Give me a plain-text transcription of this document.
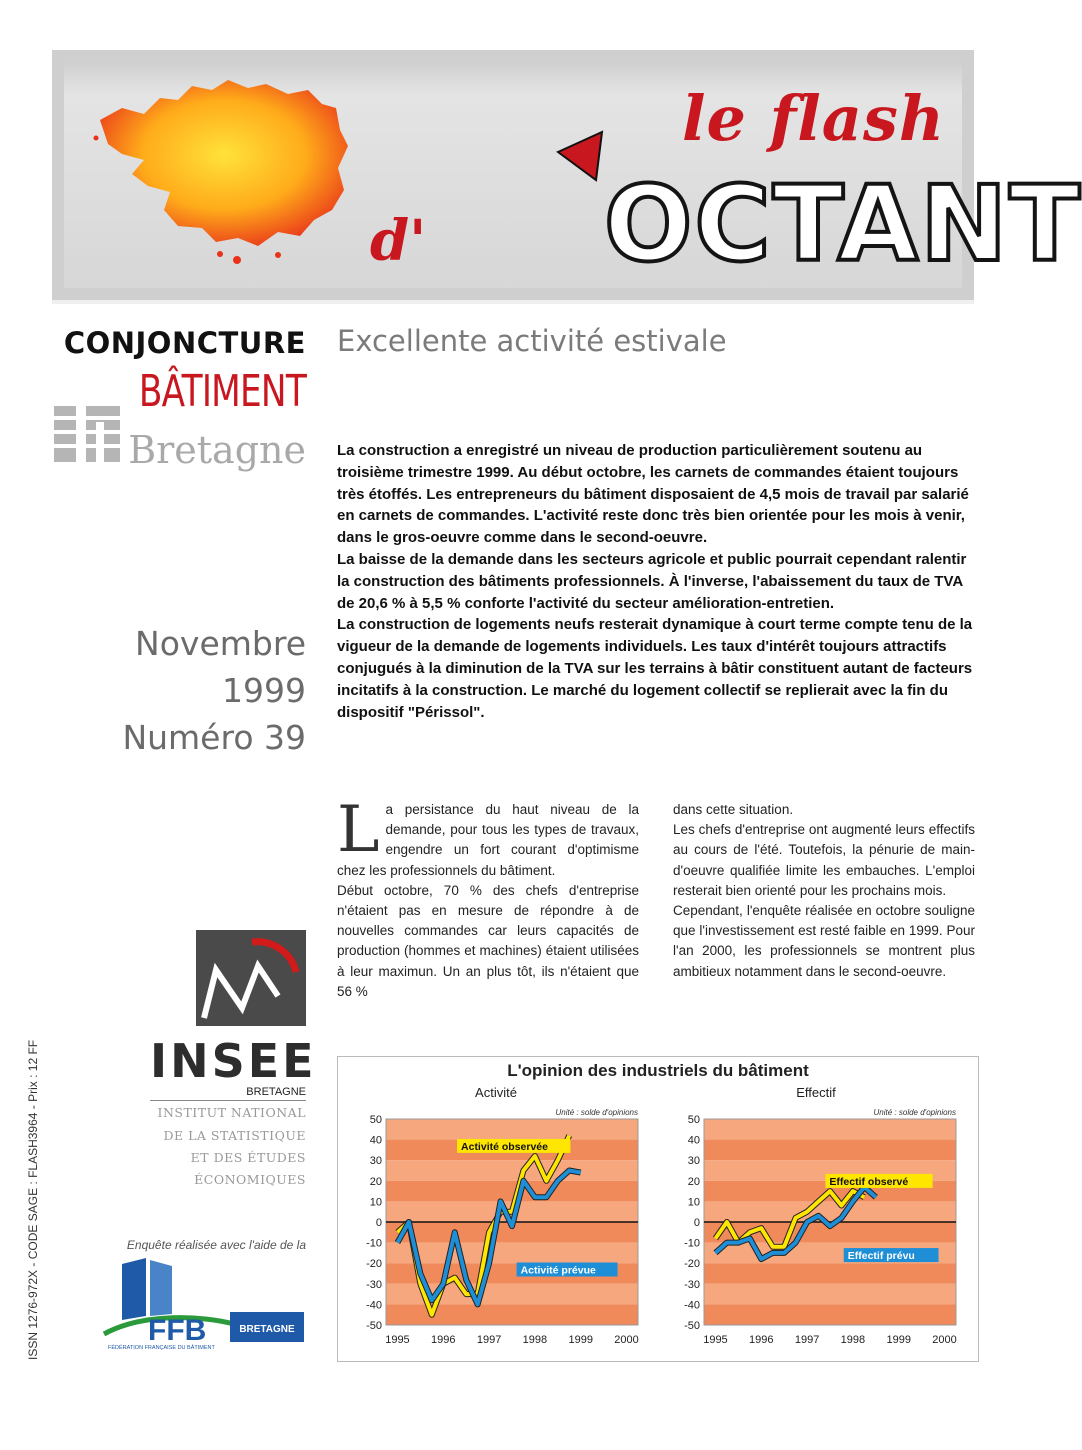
le flash
d' OCTANT
CONJONCTURE
BÂTIMENT
Bretagne
Novembre
1999
Numéro 39
ISSN 1276-972X - CODE SAGE : FLASH3964 - Prix : 12 FF INSEE
BRETAGNE
INSTITUT NATIONAL
DE LA STATISTIQUE
ET DES ÉTUDES
ÉCONOMIQUES
Enquête réalisée avec l'aide de la
FFB	BRETAGNE
FÉDÉRATION FRANÇAISE DU BÂTIMENT
Excellente activité estivale

La construction a enregistré un niveau de production particulièrement soutenu au troisième trimestre 1999. Au début octobre, les carnets de commandes étaient toujours très étoffés. Les entrepreneurs du bâtiment disposaient de 4,5 mois de travail par salarié en carnets de commandes. L'activité reste donc très bien orientée pour les mois à venir, dans le gros-oeuvre comme dans le second-oeuvre.

La baisse de la demande dans les secteurs agricole et public pourrait cependant ralentir la construction des bâtiments professionnels. À l'inverse, l'abaissement du taux de TVA de 20,6 % à 5,5 % conforte l'activité du secteur amélioration-entretien.

La construction de logements neufs resterait dynamique à court terme compte tenu de la vigueur de la demande de logements individuels. Les taux d'intérêt toujours attractifs conjugués à la diminution de la TVA sur les terrains à bâtir constituent autant de facteurs incitatifs à la construction. Le marché du logement collectif se replierait avec la fin du dispositif "Périssol".

La persistance du haut niveau de la demande, pour tous les types de travaux, engendre un fort courant d'optimisme chez les professionnels du bâtiment.

Début octobre, 70 % des chefs d'entreprise n'étaient pas en mesure de répondre à de nouvelles commandes car leurs capacités de production (hommes et machines) étaient utilisées à leur maximun. Un an plus tôt, ils n'étaient que 56 %

dans cette situation.

Les chefs d'entreprise ont augmenté leurs effectifs au cours de l'été. Toutefois, la pénurie de main-d'oeuvre qualifiée limite les embauches. L'emploi resterait bien orienté pour les prochains mois.

Cependant, l'enquête réalisée en octobre souligne que l'investissement est resté faible en 1999. Pour l'an 2000, les professionnels se montrent plus ambitieux notamment dans le second-oeuvre.

L'opinion des industriels du bâtiment
Activité	Effectif
50
40
30
20
10
0
-10
-20
-30
-40
-50
1995 1996 1997 1998 1999 2000
Unité : solde d'opinions
Activité observée
Activité prévue
50
40
30
20
10
0
-10
-20
-30
-40
-50
1995 1996 1997 1998 1999 2000
Unité : solde d'opinions
Effectif observé
Effectif prévu
